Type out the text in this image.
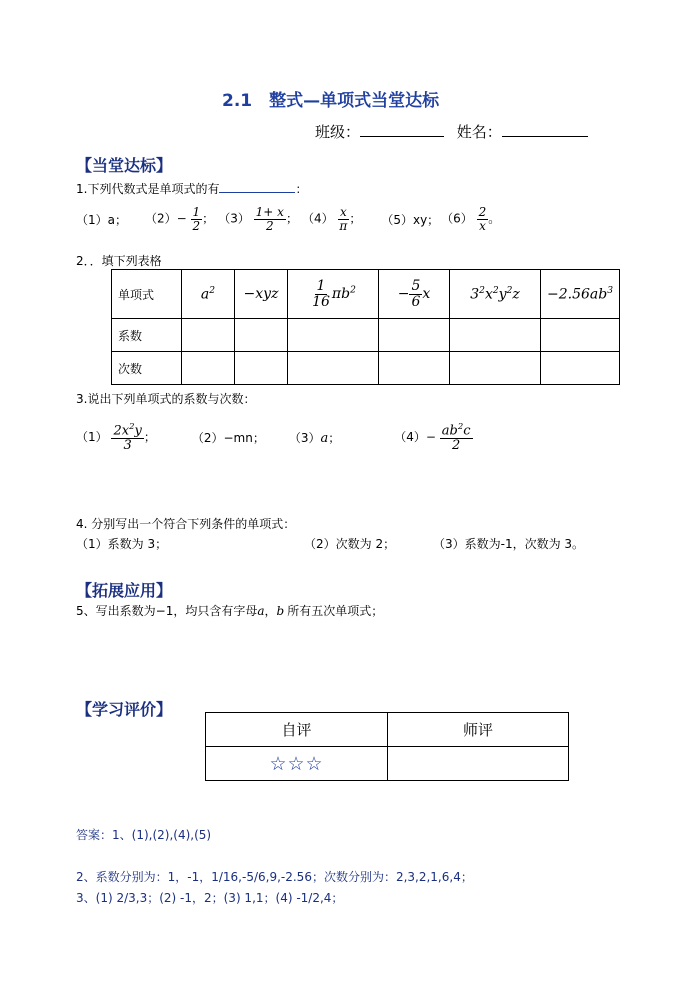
2.1　整式—单项式当堂达标
班级：	姓名：
【当堂达标】
1.下列代数式是单项式的有	：
（1）a； $(2)- \frac{1}{2}$ ； $(3) \frac{1+ x}{2}$ ； $(4) \frac{x}{\pi}$ ； （5）xy； $(6) \frac{2}{x}$ 。
2．．填下列表格
单项式	$a^2$	−xyz	$\frac{1}{16} \pi b^2$	− $\frac{5}{6}$ x	$3^2x^2y^2z$	$-2.56ab^3$
系数						
次数						
3.说出下列单项式的系数与次数：
$(1) \frac{2x^2y}{3}$ ；	（2）−mn； （3）a；	$(4)- \frac{ab^2c}{2}$
4. 分别写出一个符合下列条件的单项式：
（1）系数为 3；	（2）次数为 2；	（3）系数为-1，次数为 3。
【拓展应用】
5、写出系数为−1，均只含有字母a，b 所有五次单项式；
【学习评价】
自评	师评
☆☆☆	
答案：1、(1),(2),(4),(5)
2、系数分别为：1，-1，1/16,-5/6,9,-2.56；次数分别为：2,3,2,1,6,4；
3、(1) 2/3,3；(2) -1，2；(3) 1,1；(4) -1/2,4；
